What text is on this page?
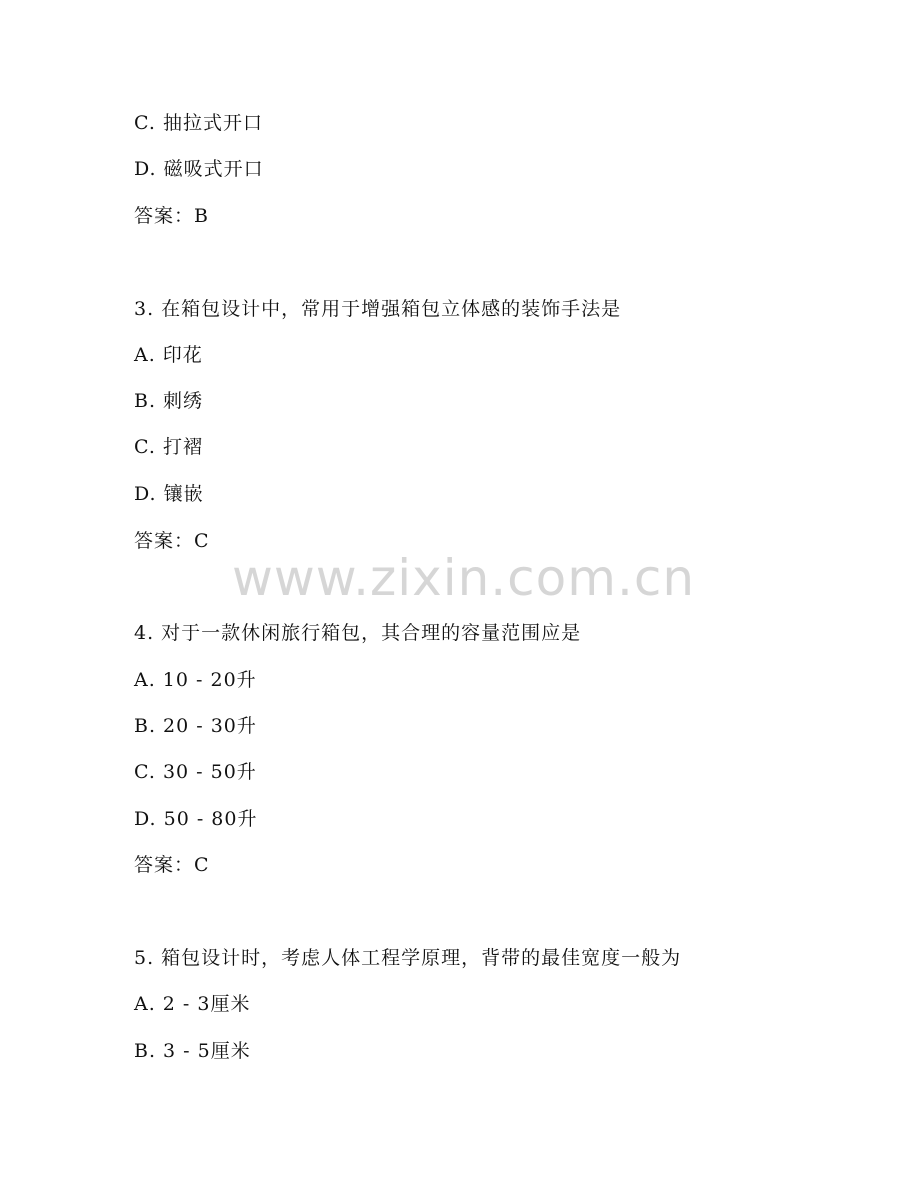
www.zixin.com.cn
C. 抽拉式开口
D. 磁吸式开口
答案：B
3. 在箱包设计中，常用于增强箱包立体感的装饰手法是
A. 印花
B. 刺绣
C. 打褶
D. 镶嵌
答案：C
4. 对于一款休闲旅行箱包，其合理的容量范围应是
A. 10 - 20升
B. 20 - 30升
C. 30 - 50升
D. 50 - 80升
答案：C
5. 箱包设计时，考虑人体工程学原理，背带的最佳宽度一般为
A. 2 - 3厘米
B. 3 - 5厘米
